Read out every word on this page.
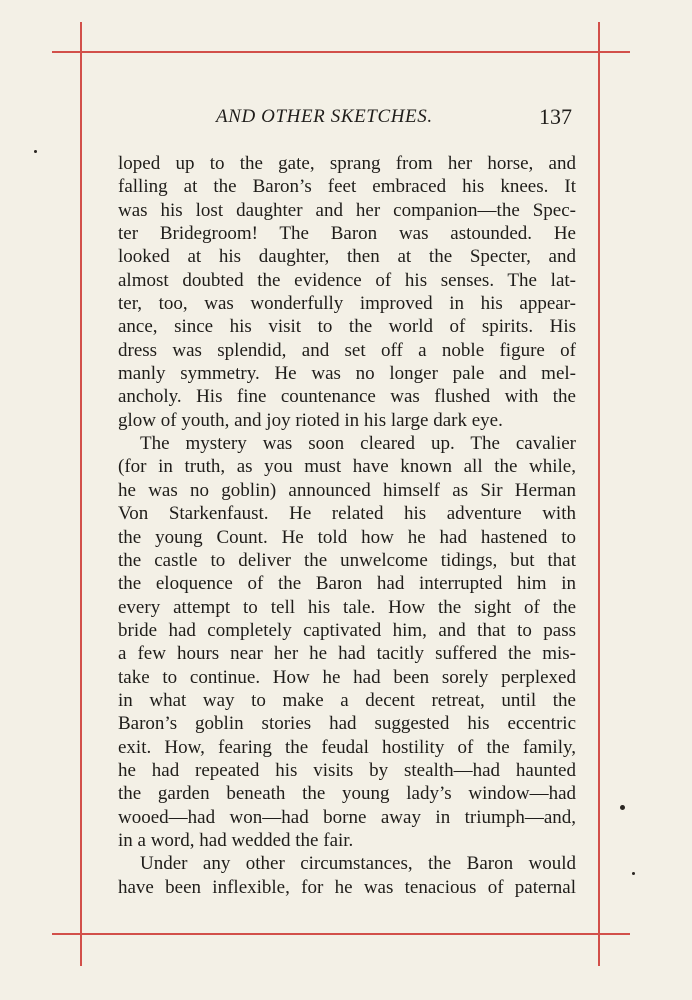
AND OTHER SKETCHES.	137
loped up to the gate, sprang from her horse, and
falling at the Baron’s feet embraced his knees. It
was his lost daughter and her companion—the Spec-
ter Bridegroom! The Baron was astounded. He
looked at his daughter, then at the Specter, and
almost doubted the evidence of his senses. The lat-
ter, too, was wonderfully improved in his appear-
ance, since his visit to the world of spirits. His
dress was splendid, and set off a noble figure of
manly symmetry. He was no longer pale and mel-
ancholy. His fine countenance was flushed with the
glow of youth, and joy rioted in his large dark eye.
The mystery was soon cleared up. The cavalier
(for in truth, as you must have known all the while,
he was no goblin) announced himself as Sir Herman
Von Starkenfaust. He related his adventure with
the young Count. He told how he had hastened to
the castle to deliver the unwelcome tidings, but that
the eloquence of the Baron had interrupted him in
every attempt to tell his tale. How the sight of the
bride had completely captivated him, and that to pass
a few hours near her he had tacitly suffered the mis-
take to continue. How he had been sorely perplexed
in what way to make a decent retreat, until the
Baron’s goblin stories had suggested his eccentric
exit. How, fearing the feudal hostility of the family,
he had repeated his visits by stealth—had haunted
the garden beneath the young lady’s window—had
wooed—had won—had borne away in triumph—and,
in a word, had wedded the fair.
Under any other circumstances, the Baron would
have been inflexible, for he was tenacious of paternal
